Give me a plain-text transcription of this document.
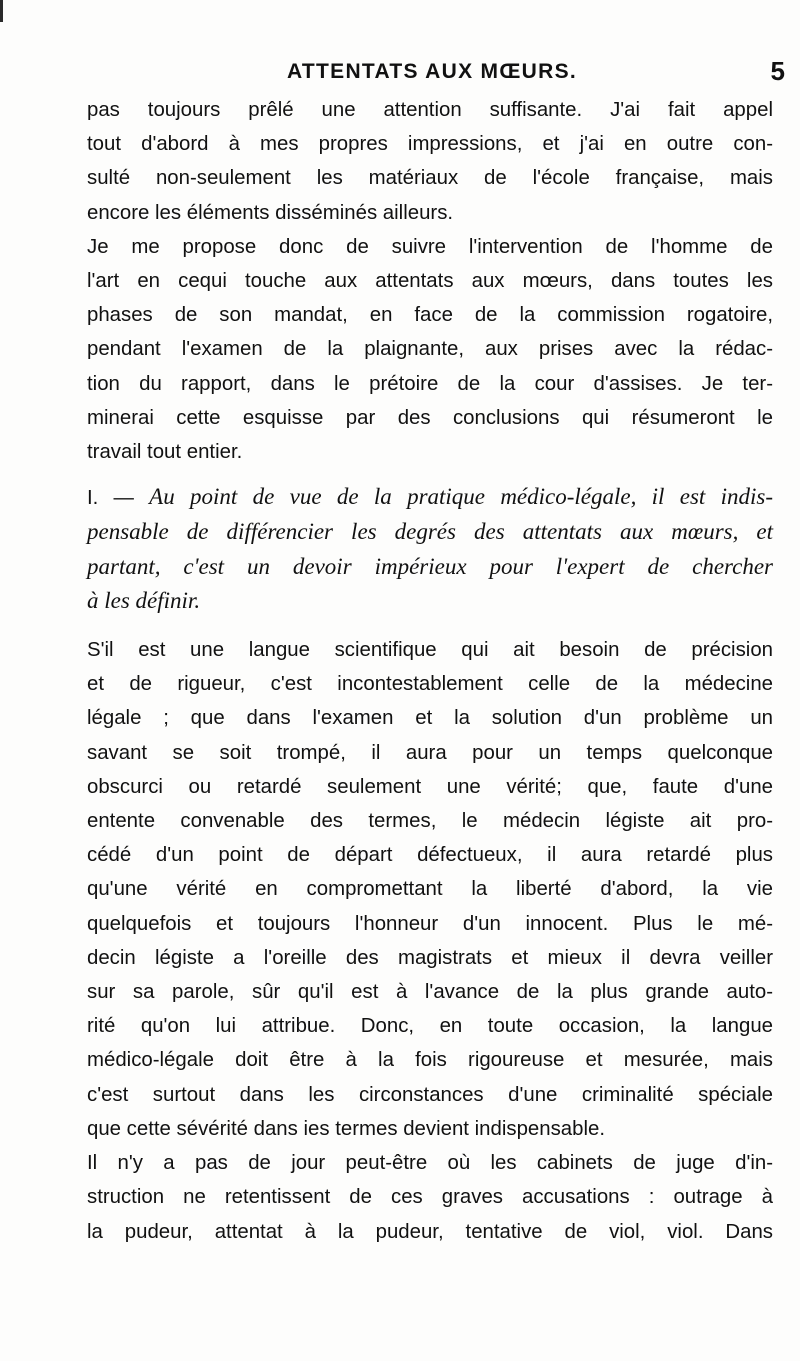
ATTENTATS AUX MŒURS.	5

pas toujours prêlé une attention suffisante. J'ai fait appel
tout d'abord à mes propres impressions, et j'ai en outre con-
sulté non-seulement les matériaux de l'école française, mais
encore les éléments disséminés ailleurs.

Je me propose donc de suivre l'intervention de l'homme de
l'art en cequi touche aux attentats aux mœurs, dans toutes les
phases de son mandat, en face de la commission rogatoire,
pendant l'examen de la plaignante, aux prises avec la rédac-
tion du rapport, dans le prétoire de la cour d'assises. Je ter-
minerai cette esquisse par des conclusions qui résumeront le
travail tout entier.

I. — Au point de vue de la pratique médico-légale, il est indis-
pensable de différencier les degrés des attentats aux mœurs, et
partant, c'est un devoir impérieux pour l'expert de chercher
à les définir.

S'il est une langue scientifique qui ait besoin de précision
et de rigueur, c'est incontestablement celle de la médecine
légale ; que dans l'examen et la solution d'un problème un
savant se soit trompé, il aura pour un temps quelconque
obscurci ou retardé seulement une vérité; que, faute d'une
entente convenable des termes, le médecin légiste ait pro-
cédé d'un point de départ défectueux, il aura retardé plus
qu'une vérité en compromettant la liberté d'abord, la vie
quelquefois et toujours l'honneur d'un innocent. Plus le mé-
decin légiste a l'oreille des magistrats et mieux il devra veiller
sur sa parole, sûr qu'il est à l'avance de la plus grande auto-
rité qu'on lui attribue. Donc, en toute occasion, la langue
médico-légale doit être à la fois rigoureuse et mesurée, mais
c'est surtout dans les circonstances d'une criminalité spéciale
que cette sévérité dans ies termes devient indispensable.

Il n'y a pas de jour peut-être où les cabinets de juge d'in-
struction ne retentissent de ces graves accusations : outrage à
la pudeur, attentat à la pudeur, tentative de viol, viol. Dans
